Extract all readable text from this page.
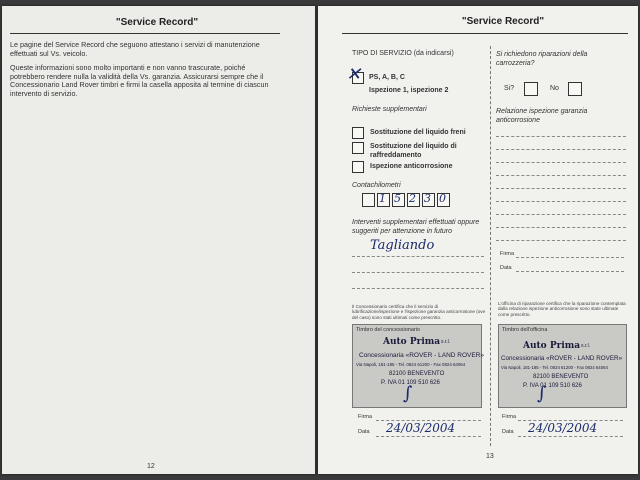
"Service Record"
Le pagine del Service Record che seguono attestano i servizi di manutenzione effettuati sul Vs. veicolo.
Queste informazioni sono molto importanti e non vanno trascurate, poiché potrebbero rendere nulla la validità della Vs. garanzia. Assicurarsi sempre che il Concessionario Land Rover timbri e firmi la casella apposita al termine di ciascun intervento di servizio.
12
"Service Record"
TIPO DI SERVIZIO (da indicarsi)
✕ PS, A, B, C
Ispezione 1, ispezione 2
Richieste supplementari
Sostituzione del liquido freni
Sostituzione del liquido di raffreddamento
Ispezione anticorrosione
Contachilometri
1 5 2 3 0
Interventi supplementari effettuati oppure suggeriti per attenzione in futuro
Tagliando
Il Concessionario certifica che il servizio di lubrificazione/ispezione e l'ispezione garanzia anticorrosione (ove del caso) sono stati ultimati come prescritto.
Timbro del concessionario
Auto Prima s.r.l.
Concessionaria «ROVER - LAND ROVER»
Via Napoli, 181-185 - Tel. 0824 61200 - Fax 0824 64064
82100 BENEVENTO
P. IVA 01 109 510 626
∫
Firma
Data 24/03/2004
Si richiedono riparazioni della carrozzeria?
Si?	No
Relazione ispezione garanzia anticorrosione
Firma
Data
L'officina di riparazione certifica che la riparazione contemplata dalla relazione ispezione anticorrosione sono state ultimate come prescritto.
Timbro dell'officina
Auto Prima s.r.l.
Concessionaria «ROVER - LAND ROVER»
Via Napoli, 181-185 - Tel. 0824 61200 - Fax 0824 64064
82100 BENEVENTO
P. IVA 01 109 510 626
∫
Firma
Data 24/03/2004
13
